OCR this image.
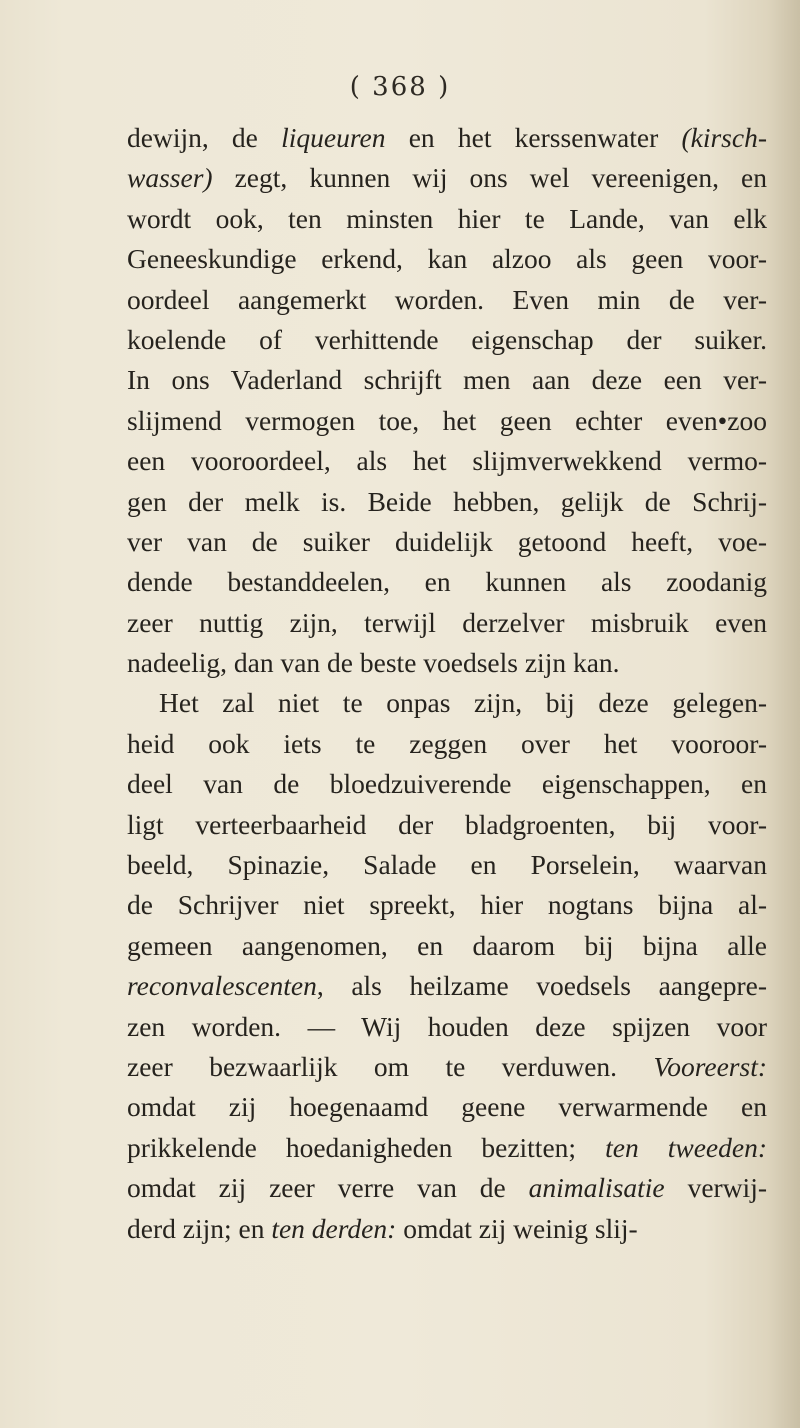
( 368 )
dewijn, de liqueuren en het kerssenwater (kirsch-
wasser) zegt, kunnen wij ons wel vereenigen, en
wordt ook, ten minsten hier te Lande, van elk
Geneeskundige erkend, kan alzoo als geen voor-
oordeel aangemerkt worden. Even min de ver-
koelende of verhittende eigenschap der suiker.
In ons Vaderland schrijft men aan deze een ver-
slijmend vermogen toe, het geen echter even•zoo
een vooroordeel, als het slijmverwekkend vermo-
gen der melk is. Beide hebben, gelijk de Schrij-
ver van de suiker duidelijk getoond heeft, voe-
dende bestanddeelen, en kunnen als zoodanig
zeer nuttig zijn, terwijl derzelver misbruik even
nadeelig, dan van de beste voedsels zijn kan.
Het zal niet te onpas zijn, bij deze gelegen-
heid ook iets te zeggen over het vooroor-
deel van de bloedzuiverende eigenschappen, en
ligt verteerbaarheid der bladgroenten, bij voor-
beeld, Spinazie, Salade en Porselein, waarvan
de Schrijver niet spreekt, hier nogtans bijna al-
gemeen aangenomen, en daarom bij bijna alle
reconvalescenten, als heilzame voedsels aangepre-
zen worden. — Wij houden deze spijzen voor
zeer bezwaarlijk om te verduwen. Vooreerst:
omdat zij hoegenaamd geene verwarmende en
prikkelende hoedanigheden bezitten; ten tweeden:
omdat zij zeer verre van de animalisatie verwij-
derd zijn; en ten derden: omdat zij weinig slij-
